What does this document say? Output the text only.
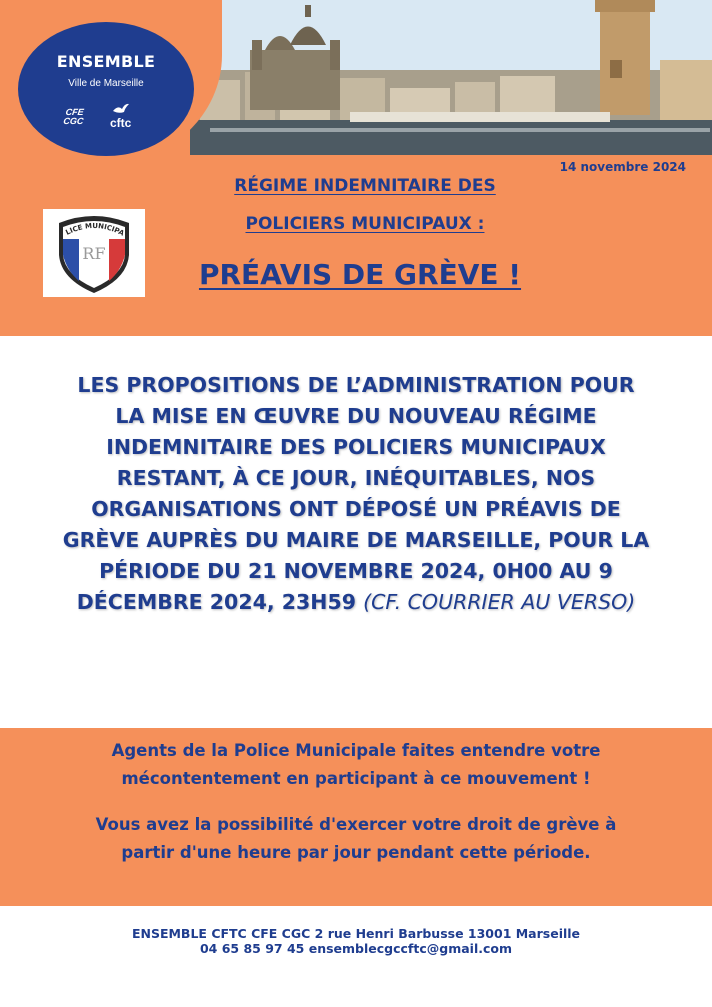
ENSEMBLE
Ville de Marseille
CFE
CGC cftc
14 novembre 2024
RÉGIME INDEMNITAIRE DES
POLICIERS MUNICIPAUX :
RF
LICE MUNICIPA
PRÉAVIS DE GRÈVE !
LES PROPOSITIONS DE L’ADMINISTRATION POUR LA MISE EN ŒUVRE DU NOUVEAU RÉGIME INDEMNITAIRE DES POLICIERS MUNICIPAUX RESTANT, À CE JOUR, INÉQUITABLES, NOS ORGANISATIONS ONT DÉPOSÉ UN PRÉAVIS DE GRÈVE AUPRÈS DU MAIRE DE MARSEILLE, POUR LA PÉRIODE DU 21 NOVEMBRE 2024, 0H00 AU 9 DÉCEMBRE 2024, 23H59 (CF. COURRIER AU VERSO)
Agents de la Police Municipale faites entendre votre mécontentement en participant à ce mouvement !
Vous avez la possibilité d'exercer votre droit de grève à partir d'une heure par jour pendant cette période.
ENSEMBLE CFTC CFE CGC 2 rue Henri Barbusse 13001 Marseille
04 65 85 97 45 ensemblecgccftc@gmail.com
